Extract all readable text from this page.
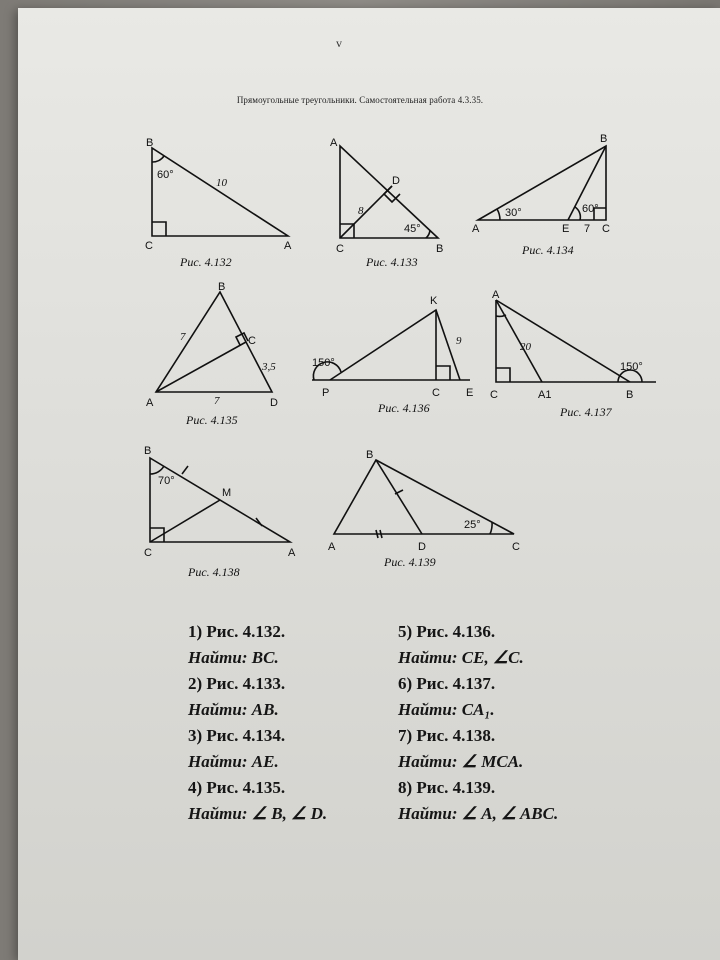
v
Прямоугольные треугольники. Самостоятельная работа 4.3.35.
B
C	A
60°
10
Рис. 4.132
A
D
C	B
8
45°
Рис. 4.133
B
A	E	C
30°	60°
7
Рис. 4.134
B
C
A	D
7
3,5
7
Рис. 4.135
K
P	C E
150°
9
Рис. 4.136
A
C	A1	B
20
150°
Рис. 4.137
B
M
C	A
70°
Рис. 4.138
B
A	D	C
25°
Рис. 4.139
1) Рис. 4.132.
Найти: BC.
2) Рис. 4.133.
Найти: AB.
3) Рис. 4.134.
Найти: AE.
4) Рис. 4.135.
Найти: ∠ B, ∠ D.
5) Рис. 4.136.
Найти: CE, ∠C.
6) Рис. 4.137.
Найти: CA₁.
7) Рис. 4.138.
Найти: ∠ MCA.
8) Рис. 4.139.
Найти: ∠ A, ∠ ABC.
